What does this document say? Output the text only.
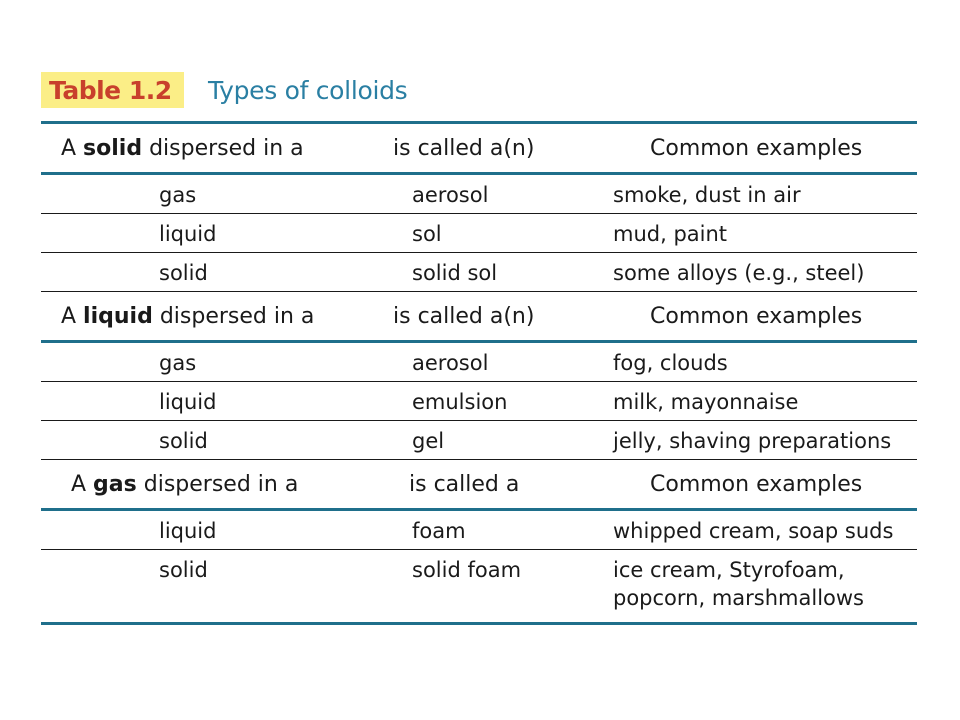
Table 1.2	Types of colloids
A solid dispersed in a	is called a(n)	Common examples
gas	aerosol	smoke, dust in air
liquid	sol	mud, paint
solid	solid sol	some alloys (e.g., steel)
A liquid dispersed in a	is called a(n)	Common examples
gas	aerosol	fog, clouds
liquid	emulsion	milk, mayonnaise
solid	gel	jelly, shaving preparations
A gas dispersed in a	is called a	Common examples
liquid	foam	whipped cream, soap suds
solid	solid foam	ice cream, Styrofoam,
popcorn, marshmallows
